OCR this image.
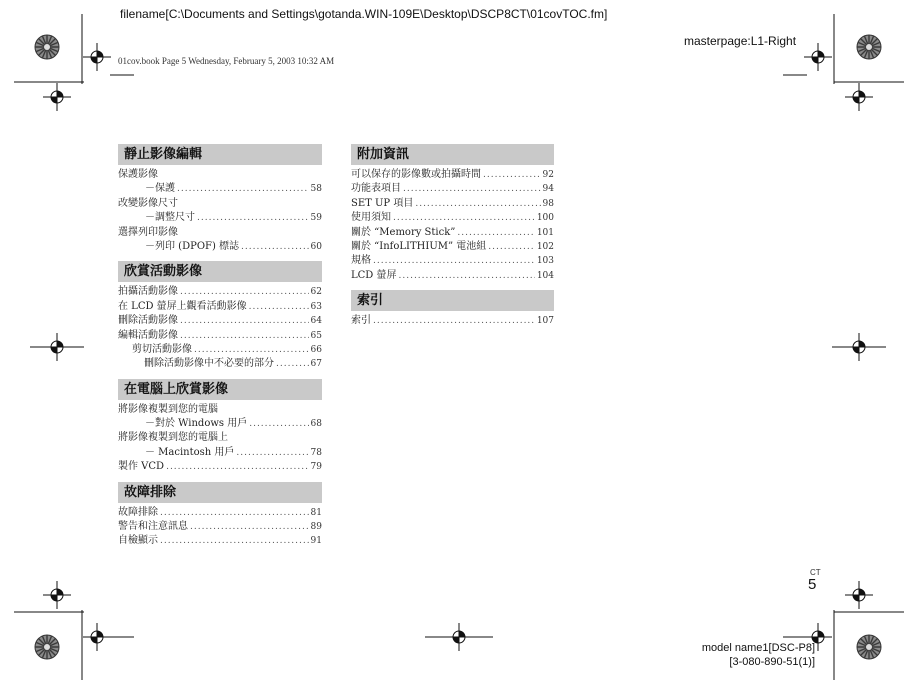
filename[C:\Documents and Settings\gotanda.WIN-109E\Desktop\DSCP8CT\01covTOC.fm]
masterpage:L1-Right
01cov.book Page 5 Wednesday, February 5, 2003 10:32 AM
靜止影像編輯
保護影像
－保護 .....	58
改變影像尺寸
－調整尺寸 .....	59
選擇列印影像
－列印 (DPOF) 標誌 .....	60
欣賞活動影像
拍攝活動影像 .....	62
在 LCD 螢屏上觀看活動影像 .....	63
刪除活動影像 .....	64
編輯活動影像 .....	65
剪切活動影像 .....	66
刪除活動影像中不必要的部分 .....	67
在電腦上欣賞影像
將影像複製到您的電腦
－對於 Windows 用戶 .....	68
將影像複製到您的電腦上
－ Macintosh 用戶 .....	78
製作 VCD .....	79
故障排除
故障排除 .....	81
警告和注意訊息 .....	89
自檢顯示 .....	91
附加資訊
可以保存的影像數或拍攝時間 .....	92
功能表項目 .....	94
SET UP 項目 .....	98
使用須知 .....	100
關於 “Memory Stick” .....	101
關於 “InfoLITHIUM” 電池組 .....	102
規格 .....	103
LCD 螢屏 .....	104
索引
索引 .....	107
CT
5
model name1[DSC-P8]
[3-080-890-51(1)]
